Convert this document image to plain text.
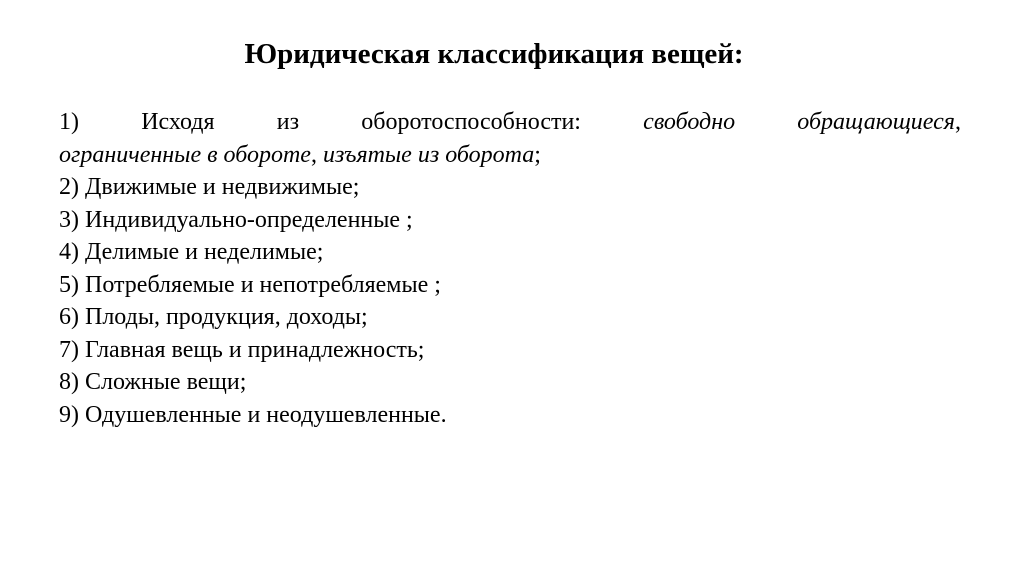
Юридическая классификация вещей:
1)	Исходя	из	оборотоспособности:	свободно	обращающиеся,
ограниченные в обороте, изъятые из оборота;
2) Движимые и недвижимые;
3) Индивидуально-определенные ;
4) Делимые и неделимые;
5) Потребляемые и непотребляемые ;
6) Плоды, продукция, доходы;
7) Главная вещь и принадлежность;
8) Сложные вещи;
9) Одушевленные и неодушевленные.
